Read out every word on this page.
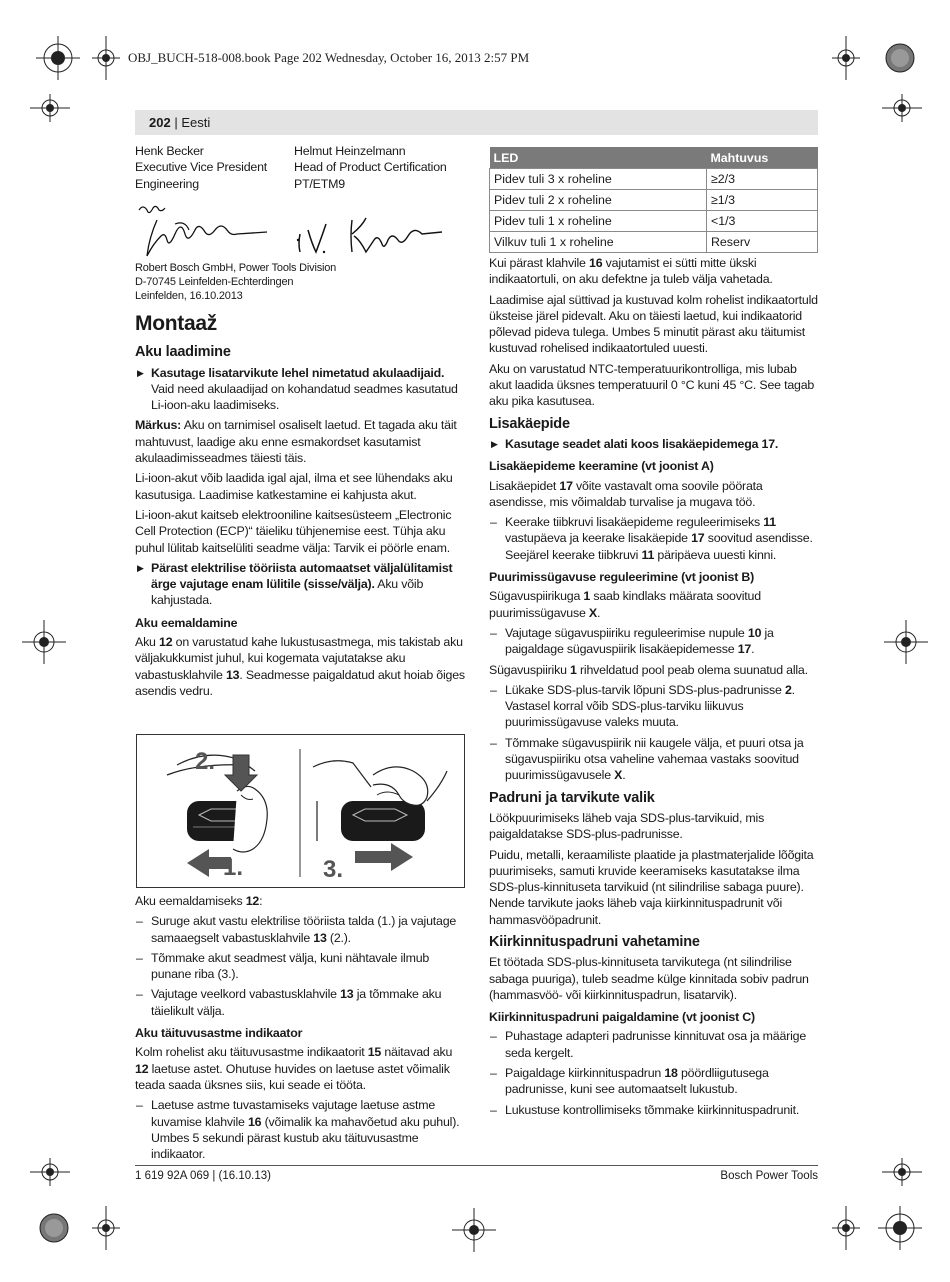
OBJ_BUCH-518-008.book Page 202 Wednesday, October 16, 2013 2:57 PM
202 | Eesti
Henk Becker
Executive Vice President
Engineering
Helmut Heinzelmann
Head of Product Certification
PT/ETM9
Robert Bosch GmbH, Power Tools Division
D-70745 Leinfelden-Echterdingen
Leinfelden, 16.10.2013
Montaaž
Aku laadimine

▶ Kasutage lisatarvikute lehel nimetatud akulaadijaid. Vaid need akulaadijad on kohandatud seadmes kasutatud Li-ioon-aku laadimiseks.

Märkus: Aku on tarnimisel osaliselt laetud. Et tagada aku täit mahtuvust, laadige aku enne esmakordset kasutamist akulaadimisseadmes täiesti täis.

Li-ioon-akut võib laadida igal ajal, ilma et see lühendaks aku kasutusiga. Laadimise katkestamine ei kahjusta akut.

Li-ioon-akut kaitseb elektrooniline kaitsesüsteem „Electronic Cell Protection (ECP)“ täieliku tühjenemise eest. Tühja aku puhul lülitab kaitselüliti seadme välja: Tarvik ei pöörle enam.

▶ Pärast elektrilise tööriista automaatset väljalülitamist ärge vajutage enam lülitile (sisse/välja). Aku võib kahjustada.

Aku eemaldamine

Aku 12 on varustatud kahe lukustusastmega, mis takistab aku väljakukkumist juhul, kui kogemata vajutatakse aku vabastusklahvile 13. Seadmesse paigaldatud akut hoiab õiges asendis vedru.

2.
1.	3.

Aku eemaldamiseks 12:

– Suruge akut vastu elektrilise tööriista talda (1.) ja vajutage samaaegselt vabastusklahvile 13 (2.).

– Tõmmake akut seadmest välja, kuni nähtavale ilmub punane riba (3.).

– Vajutage veelkord vabastusklahvile 13 ja tõmmake aku täielikult välja.

Aku täituvusastme indikaator

Kolm rohelist aku täituvusastme indikaatorit 15 näitavad aku 12 laetuse astet. Ohutuse huvides on laetuse astet võimalik teada saada üksnes siis, kui seade ei tööta.

– Laetuse astme tuvastamiseks vajutage laetuse astme kuvamise klahvile 16 (võimalik ka mahavõetud aku puhul). Umbes 5 sekundi pärast kustub aku täituvusastme indikaator.

LED	Mahtuvus
Pidev tuli 3 x roheline	≥2/3
Pidev tuli 2 x roheline	≥1/3
Pidev tuli 1 x roheline	<1/3
Vilkuv tuli 1 x roheline	Reserv

Kui pärast klahvile 16 vajutamist ei sütti mitte ükski indikaatortuli, on aku defektne ja tuleb välja vahetada.

Laadimise ajal süttivad ja kustuvad kolm rohelist indikaatortuld üksteise järel pidevalt. Aku on täiesti laetud, kui indikaatorid põlevad pideva tulega. Umbes 5 minutit pärast aku täitumist kustuvad rohelised indikaatortuled uuesti.

Aku on varustatud NTC-temperatuurikontrolliga, mis lubab akut laadida üksnes temperatuuril 0 °C kuni 45 °C. See tagab aku pika kasutusea.

Lisakäepide

▶ Kasutage seadet alati koos lisakäepidemega 17.

Lisakäepideme keeramine (vt joonist A)

Lisakäepidet 17 võite vastavalt oma soovile pöörata asendisse, mis võimaldab turvalise ja mugava töö.

– Keerake tiibkruvi lisakäepideme reguleerimiseks 11 vastupäeva ja keerake lisakäepide 17 soovitud asendisse. Seejärel keerake tiibkruvi 11 päripäeva uuesti kinni.

Puurimissügavuse reguleerimine (vt joonist B)

Sügavuspiirikuga 1 saab kindlaks määrata soovitud puurimissügavuse X.

– Vajutage sügavuspiiriku reguleerimise nupule 10 ja paigaldage sügavuspiirik lisakäepidemesse 17.

Sügavuspiiriku 1 rihveldatud pool peab olema suunatud alla.

– Lükake SDS-plus-tarvik lõpuni SDS-plus-padrunisse 2. Vastasel korral võib SDS-plus-tarviku liikuvus puurimissügavuse valeks muuta.

– Tõmmake sügavuspiirik nii kaugele välja, et puuri otsa ja sügavuspiiriku otsa vaheline vahemaa vastaks soovitud puurimissügavusele X.

Padruni ja tarvikute valik

Löökpuurimiseks läheb vaja SDS-plus-tarvikuid, mis paigaldatakse SDS-plus-padrunisse.

Puidu, metalli, keraamiliste plaatide ja plastmaterjalide lõõgita puurimiseks, samuti kruvide keeramiseks kasutatakse ilma SDS-plus-kinnituseta tarvikuid (nt silindrilise sabaga puure). Nende tarvikute jaoks läheb vaja kiirkinnituspadrunit või hammasvööpadrunit.

Kiirkinnituspadruni vahetamine

Et töötada SDS-plus-kinnituseta tarvikutega (nt silindrilise sabaga puuriga), tuleb seadme külge kinnitada sobiv padrun (hammasvöö- või kiirkinnituspadrun, lisatarvik).

Kiirkinnituspadruni paigaldamine (vt joonist C)

– Puhastage adapteri padrunisse kinnituvat osa ja määrige seda kergelt.

– Paigaldage kiirkinnituspadrun 18 pöördliigutusega padrunisse, kuni see automaatselt lukustub.

– Lukustuse kontrollimiseks tõmmake kiirkinnituspadrunit.

1 619 92A 069 | (16.10.13)	Bosch Power Tools
